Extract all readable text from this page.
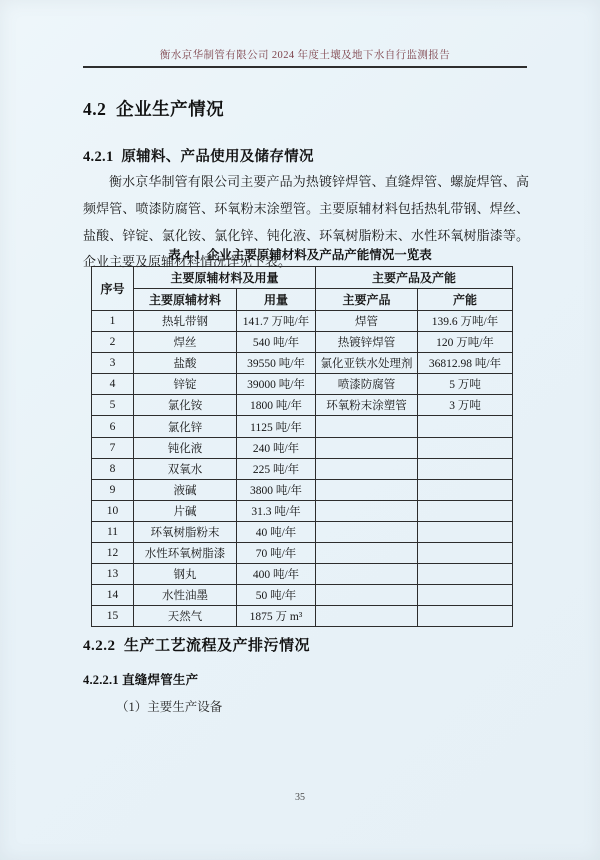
衡水京华制管有限公司 2024 年度土壤及地下水自行监测报告
4.2  企业生产情况
4.2.1  原辅料、产品使用及储存情况
衡水京华制管有限公司主要产品为热镀锌焊管、直缝焊管、螺旋焊管、高频焊管、喷漆防腐管、环氧粉末涂塑管。主要原辅材料包括热轧带钢、焊丝、盐酸、锌锭、氯化铵、氯化锌、钝化液、环氧树脂粉末、水性环氧树脂漆等。企业主要及原辅材料情况详见下表。
表 4-1  企业主要原辅材料及产品产能情况一览表
序号	主要原辅材料及用量		主要产品及产能	
	主要原辅材料	用量	主要产品	产能
1	热轧带钢	141.7 万吨/年	焊管	139.6 万吨/年
2	焊丝	540 吨/年	热镀锌焊管	120 万吨/年
3	盐酸	39550 吨/年	氯化亚铁水处理剂	36812.98 吨/年
4	锌锭	39000 吨/年	喷漆防腐管	5 万吨
5	氯化铵	1800 吨/年	环氧粉末涂塑管	3 万吨
6	氯化锌	1125 吨/年		
7	钝化液	240 吨/年		
8	双氧水	225 吨/年		
9	液碱	3800 吨/年		
10	片碱	31.3 吨/年		
11	环氧树脂粉末	40 吨/年		
12	水性环氧树脂漆	70 吨/年		
13	钢丸	400 吨/年		
14	水性油墨	50 吨/年		
15	天然气	1875 万 m³		
4.2.2  生产工艺流程及产排污情况
4.2.2.1 直缝焊管生产
（1）主要生产设备
35
